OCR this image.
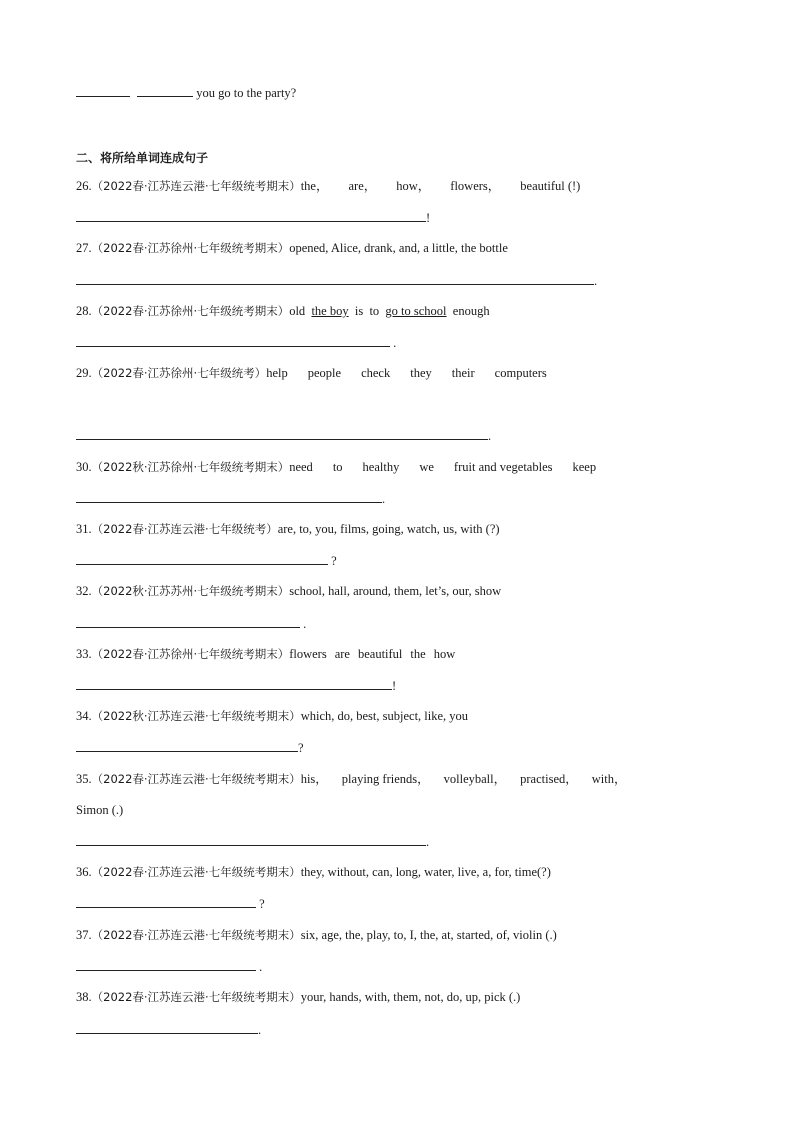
you go to the party?
二、将所给单词连成句子
26.（2022春·江苏连云港·七年级统考期末）the， are， how， flowers， beautiful (!)
!
27.（2022春·江苏徐州·七年级统考期末）opened, Alice, drank, and, a little, the bottle
.
28.（2022春·江苏徐州·七年级统考期末）old the boy is to go to school enough
.
29.（2022春·江苏徐州·七年级统考）help people check they their computers
.
30.（2022秋·江苏徐州·七年级统考期末）need to healthy we fruit and vegetables keep
.
31.（2022春·江苏连云港·七年级统考）are, to, you, films, going, watch, us, with (?)
?
32.（2022秋·江苏苏州·七年级统考期末）school, hall, around, them, let’s, our, show
.
33.（2022春·江苏徐州·七年级统考期末）flowers are beautiful the how
!
34.（2022秋·江苏连云港·七年级统考期末）which, do, best, subject, like, you
?
35.（2022春·江苏连云港·七年级统考期末）his， playing friends， volleyball， practised， with，
Simon (.)
.
36.（2022春·江苏连云港·七年级统考期末）they, without, can, long, water, live, a, for, time(?)
?
37.（2022春·江苏连云港·七年级统考期末）six, age, the, play, to, I, the, at, started, of, violin (.)
.
38.（2022春·江苏连云港·七年级统考期末）your, hands, with, them, not, do, up, pick (.)
.
